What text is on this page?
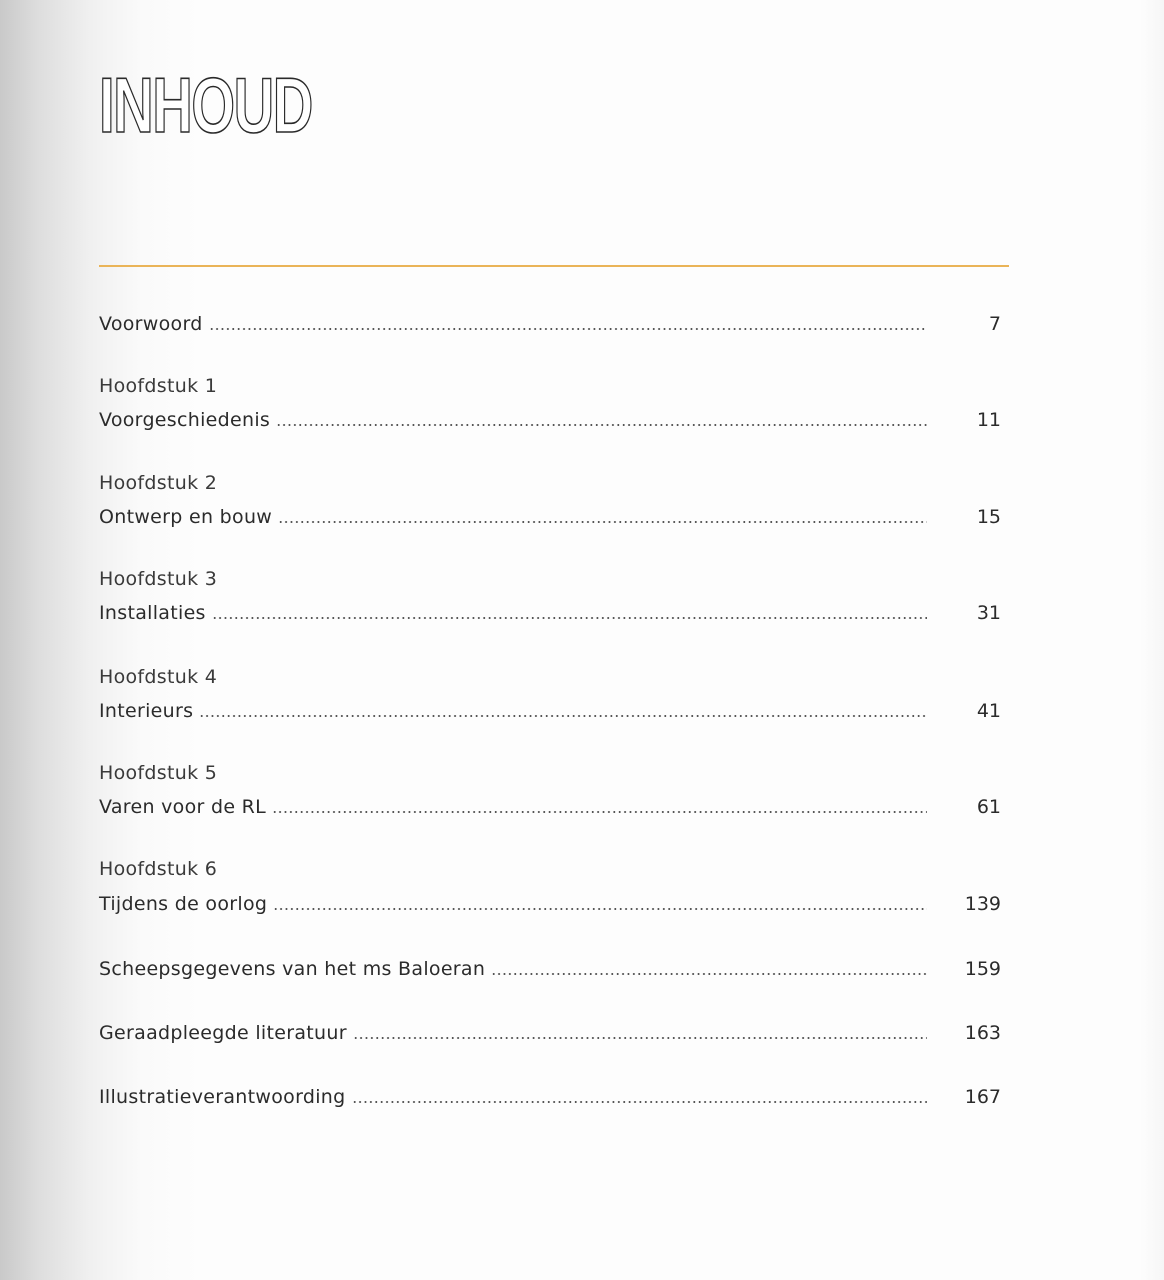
INHOUD
Voorwoord	7
Hoofdstuk 1
Voorgeschiedenis	11
Hoofdstuk 2
Ontwerp en bouw	15
Hoofdstuk 3
Installaties	31
Hoofdstuk 4
Interieurs	41
Hoofdstuk 5
Varen voor de RL	61
Hoofdstuk 6
Tijdens de oorlog	139
Scheepsgegevens van het ms Baloeran	159
Geraadpleegde literatuur	163
Illustratieverantwoording	167
